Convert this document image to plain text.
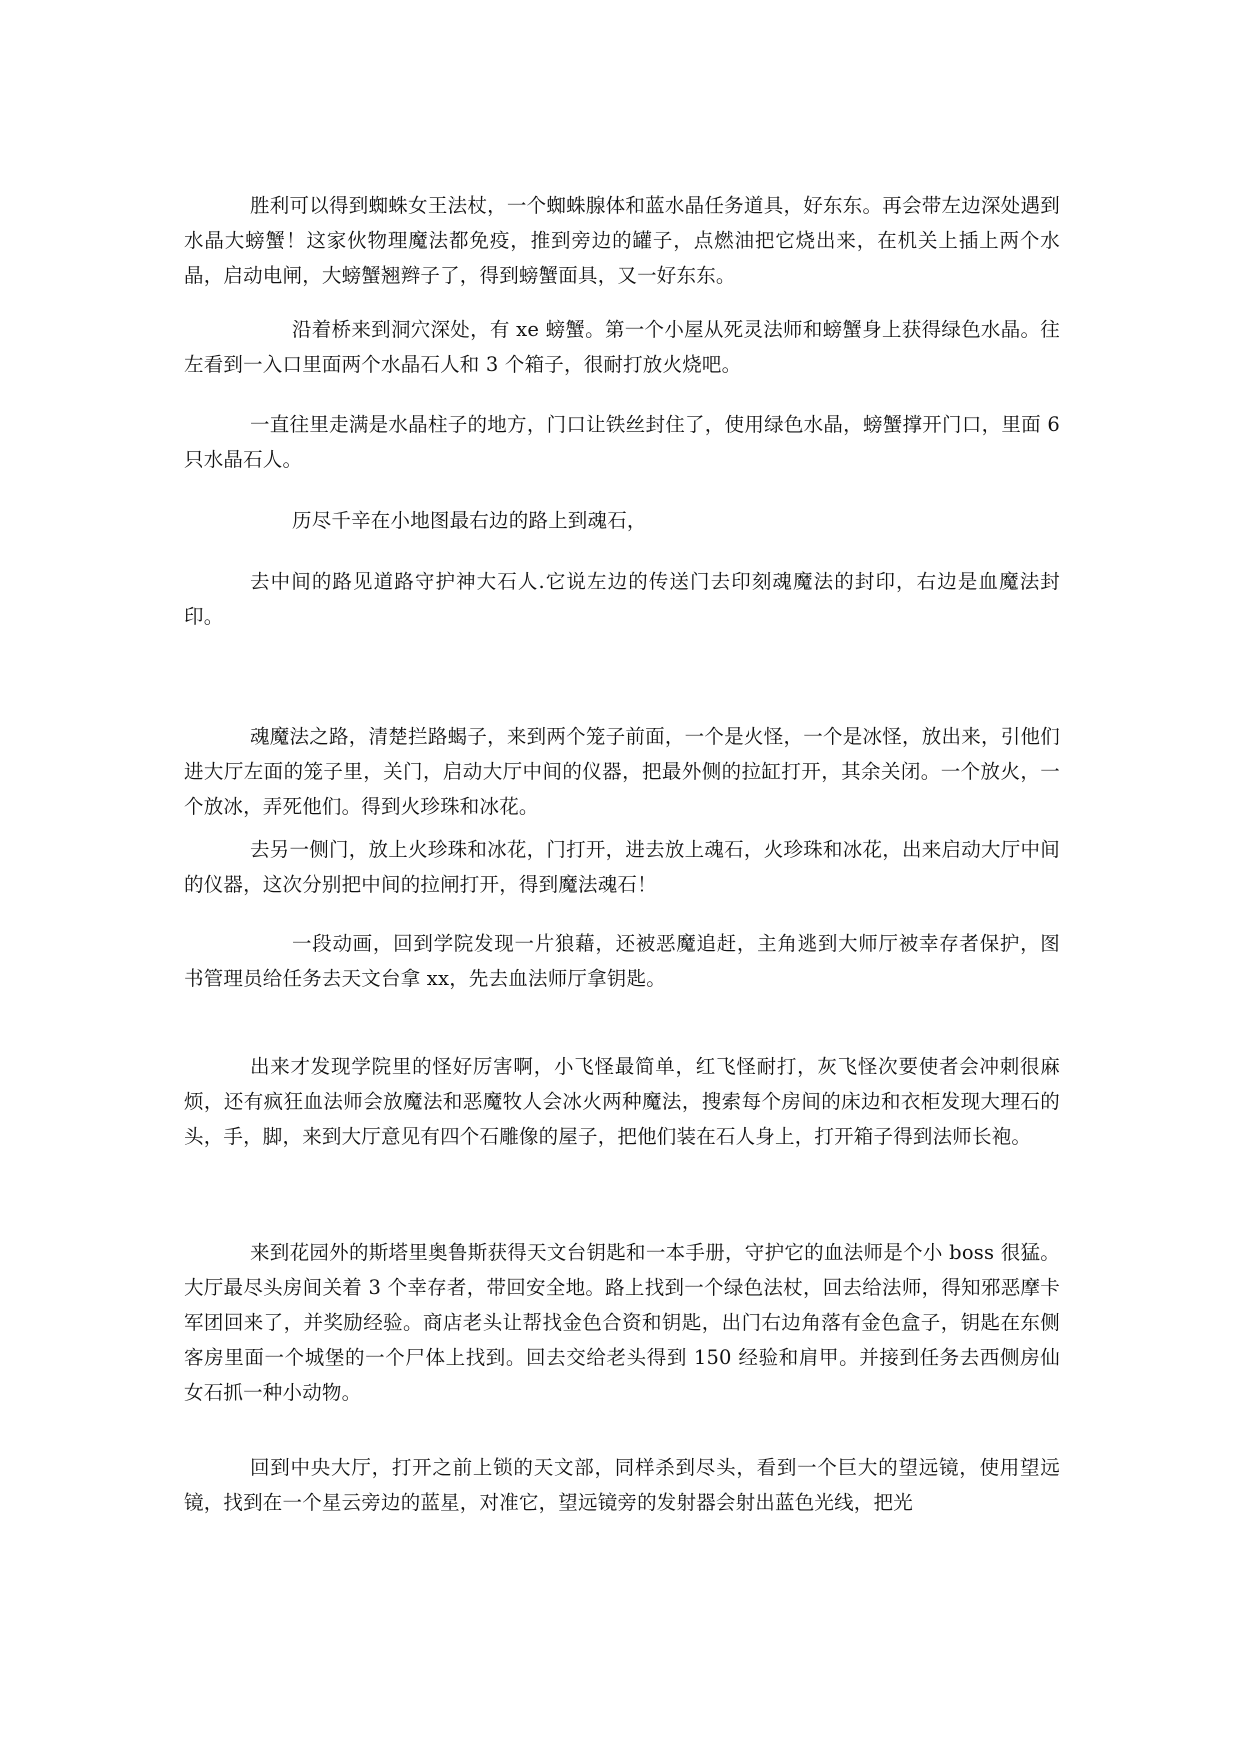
胜利可以得到蜘蛛女王法杖，一个蜘蛛腺体和蓝水晶任务道具，好东东。再会带左边深处遇到水晶大螃蟹！这家伙物理魔法都免疫，推到旁边的罐子，点燃油把它烧出来，在机关上插上两个水晶，启动电闸，大螃蟹翘辫子了，得到螃蟹面具，又一好东东。

沿着桥来到洞穴深处，有 xe 螃蟹。第一个小屋从死灵法师和螃蟹身上获得绿色水晶。往左看到一入口里面两个水晶石人和 3 个箱子，很耐打放火烧吧。

一直往里走满是水晶柱子的地方，门口让铁丝封住了，使用绿色水晶，螃蟹撑开门口，里面 6 只水晶石人。

历尽千辛在小地图最右边的路上到魂石，

去中间的路见道路守护神大石人.它说左边的传送门去印刻魂魔法的封印，右边是血魔法封印。

魂魔法之路，清楚拦路蝎子，来到两个笼子前面，一个是火怪，一个是冰怪，放出来，引他们进大厅左面的笼子里，关门，启动大厅中间的仪器，把最外侧的拉缸打开，其余关闭。一个放火，一个放冰，弄死他们。得到火珍珠和冰花。

去另一侧门，放上火珍珠和冰花，门打开，进去放上魂石，火珍珠和冰花，出来启动大厅中间的仪器，这次分别把中间的拉闸打开，得到魔法魂石！

一段动画，回到学院发现一片狼藉，还被恶魔追赶，主角逃到大师厅被幸存者保护，图书管理员给任务去天文台拿 xx，先去血法师厅拿钥匙。

出来才发现学院里的怪好厉害啊，小飞怪最简单，红飞怪耐打，灰飞怪次要使者会冲刺很麻烦，还有疯狂血法师会放魔法和恶魔牧人会冰火两种魔法，搜索每个房间的床边和衣柜发现大理石的头，手，脚，来到大厅意见有四个石雕像的屋子，把他们装在石人身上，打开箱子得到法师长袍。

来到花园外的斯塔里奥鲁斯获得天文台钥匙和一本手册，守护它的血法师是个小 boss 很猛。大厅最尽头房间关着 3 个幸存者，带回安全地。路上找到一个绿色法杖，回去给法师，得知邪恶摩卡军团回来了，并奖励经验。商店老头让帮找金色合资和钥匙，出门右边角落有金色盒子，钥匙在东侧客房里面一个城堡的一个尸体上找到。回去交给老头得到 150 经验和肩甲。并接到任务去西侧房仙女石抓一种小动物。

回到中央大厅，打开之前上锁的天文部，同样杀到尽头，看到一个巨大的望远镜，使用望远镜，找到在一个星云旁边的蓝星，对准它，望远镜旁的发射器会射出蓝色光线，把光
